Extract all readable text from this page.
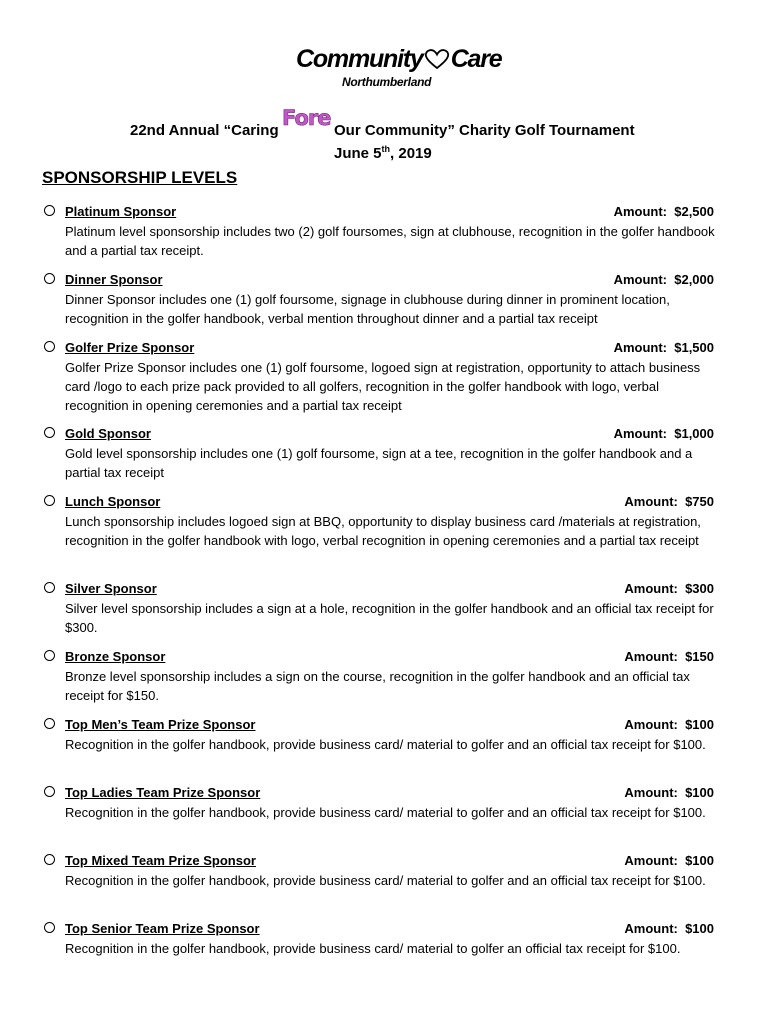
Community Care
Northumberland
22nd Annual “Caring
Fore
Our Community” Charity Golf Tournament
June 5th, 2019
SPONSORSHIP LEVELS
Platinum Sponsor	Amount:  $2,500
Platinum level sponsorship includes two (2) golf foursomes, sign at clubhouse, recognition in the golfer handbook and a partial tax receipt.
Dinner Sponsor	Amount:  $2,000
Dinner Sponsor includes one (1) golf foursome, signage in clubhouse during dinner in prominent location, recognition in the golfer handbook, verbal mention throughout dinner and a partial tax receipt
Golfer Prize Sponsor	Amount:  $1,500
Golfer Prize Sponsor includes one (1) golf foursome, logoed sign at registration, opportunity to attach business card /logo to each prize pack provided to all golfers, recognition in the golfer handbook with logo, verbal recognition in opening ceremonies and a partial tax receipt
Gold Sponsor	Amount:  $1,000
Gold level sponsorship includes one (1) golf foursome, sign at a tee, recognition in the golfer handbook and a partial tax receipt
Lunch Sponsor	Amount:  $750
Lunch sponsorship includes logoed sign at BBQ, opportunity to display business card /materials at registration, recognition in the golfer handbook with logo, verbal recognition in opening ceremonies and a partial tax receipt
Silver Sponsor	Amount:  $300
Silver level sponsorship includes a sign at a hole, recognition in the golfer handbook and an official tax receipt for $300.
Bronze Sponsor	Amount:  $150
Bronze level sponsorship includes a sign on the course, recognition in the golfer handbook and an official tax receipt for $150.
Top Men’s Team Prize Sponsor	Amount:  $100
Recognition in the golfer handbook, provide business card/ material to golfer and an official tax receipt for $100.
Top Ladies Team Prize Sponsor	Amount:  $100
Recognition in the golfer handbook, provide business card/ material to golfer and an official tax receipt for $100.
Top Mixed Team Prize Sponsor	Amount:  $100
Recognition in the golfer handbook, provide business card/ material to golfer and an official tax receipt for $100.
Top Senior Team Prize Sponsor	Amount:  $100
Recognition in the golfer handbook, provide business card/ material to golfer an official tax receipt for $100.
